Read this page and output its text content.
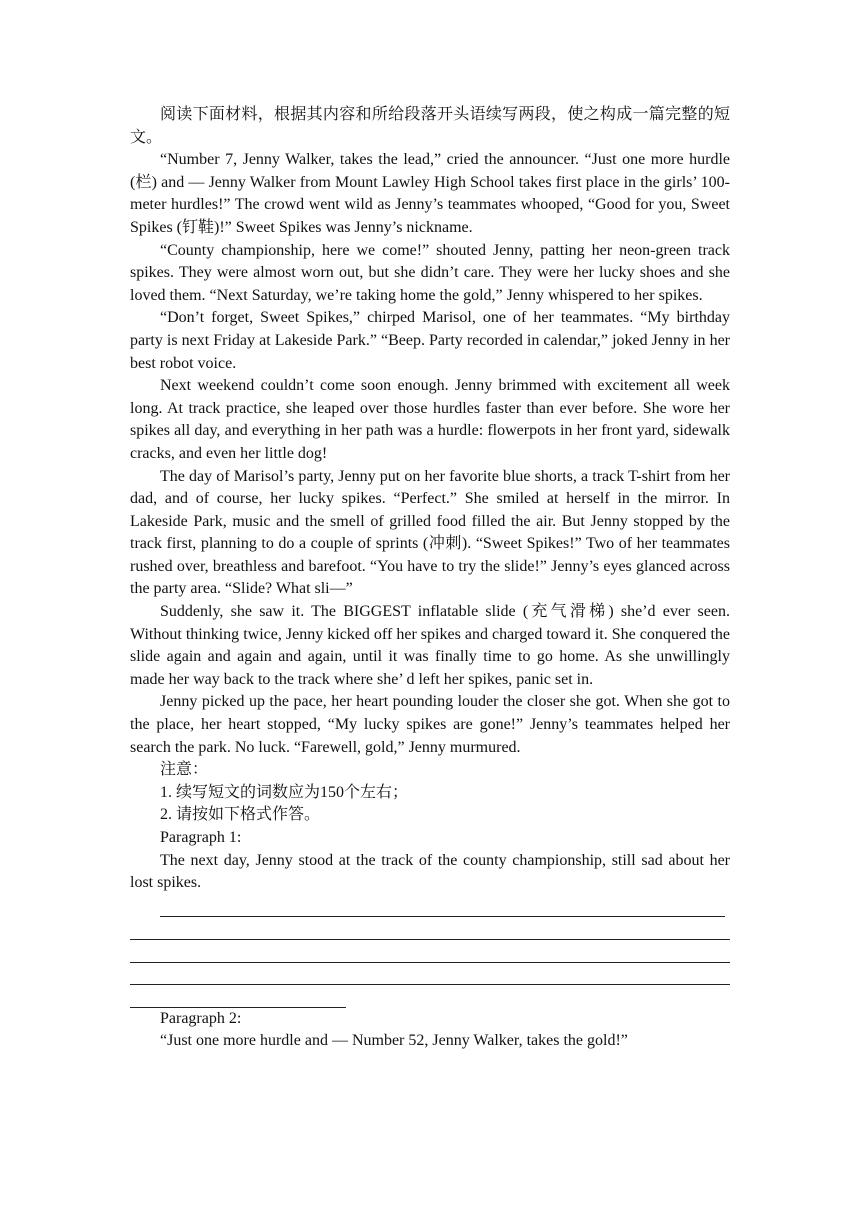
阅读下面材料，根据其内容和所给段落开头语续写两段，使之构成一篇完整的短文。

“Number 7, Jenny Walker, takes the lead,” cried the announcer. “Just one more hurdle (栏) and — Jenny Walker from Mount Lawley High School takes first place in the girls’ 100-meter hurdles!” The crowd went wild as Jenny’s teammates whooped, “Good for you, Sweet Spikes (钉鞋)!” Sweet Spikes was Jenny’s nickname.

“County championship, here we come!” shouted Jenny, patting her neon-green track spikes. They were almost worn out, but she didn’t care. They were her lucky shoes and she loved them. “Next Saturday, we’re taking home the gold,” Jenny whispered to her spikes.

“Don’t forget, Sweet Spikes,” chirped Marisol, one of her teammates. “My birthday party is next Friday at Lakeside Park.” “Beep. Party recorded in calendar,” joked Jenny in her best robot voice.

Next weekend couldn’t come soon enough. Jenny brimmed with excitement all week long. At track practice, she leaped over those hurdles faster than ever before. She wore her spikes all day, and everything in her path was a hurdle: flowerpots in her front yard, sidewalk cracks, and even her little dog!

The day of Marisol’s party, Jenny put on her favorite blue shorts, a track T-shirt from her dad, and of course, her lucky spikes. “Perfect.” She smiled at herself in the mirror. In Lakeside Park, music and the smell of grilled food filled the air. But Jenny stopped by the track first, planning to do a couple of sprints (冲刺). “Sweet Spikes!” Two of her teammates rushed over, breathless and barefoot. “You have to try the slide!” Jenny’s eyes glanced across the party area. “Slide? What sli—”

Suddenly, she saw it. The BIGGEST inflatable slide (充气滑梯) she’d ever seen. Without thinking twice, Jenny kicked off her spikes and charged toward it. She conquered the slide again and again and again, until it was finally time to go home. As she unwillingly made her way back to the track where she’ d left her spikes, panic set in.

Jenny picked up the pace, her heart pounding louder the closer she got. When she got to the place, her heart stopped, “My lucky spikes are gone!” Jenny’s teammates helped her search the park. No luck. “Farewell, gold,” Jenny murmured.

注意：

1. 续写短文的词数应为150个左右；

2. 请按如下格式作答。

Paragraph 1:

The next day, Jenny stood at the track of the county championship, still sad about her lost spikes.

Paragraph 2:

“Just one more hurdle and — Number 52, Jenny Walker, takes the gold!”
